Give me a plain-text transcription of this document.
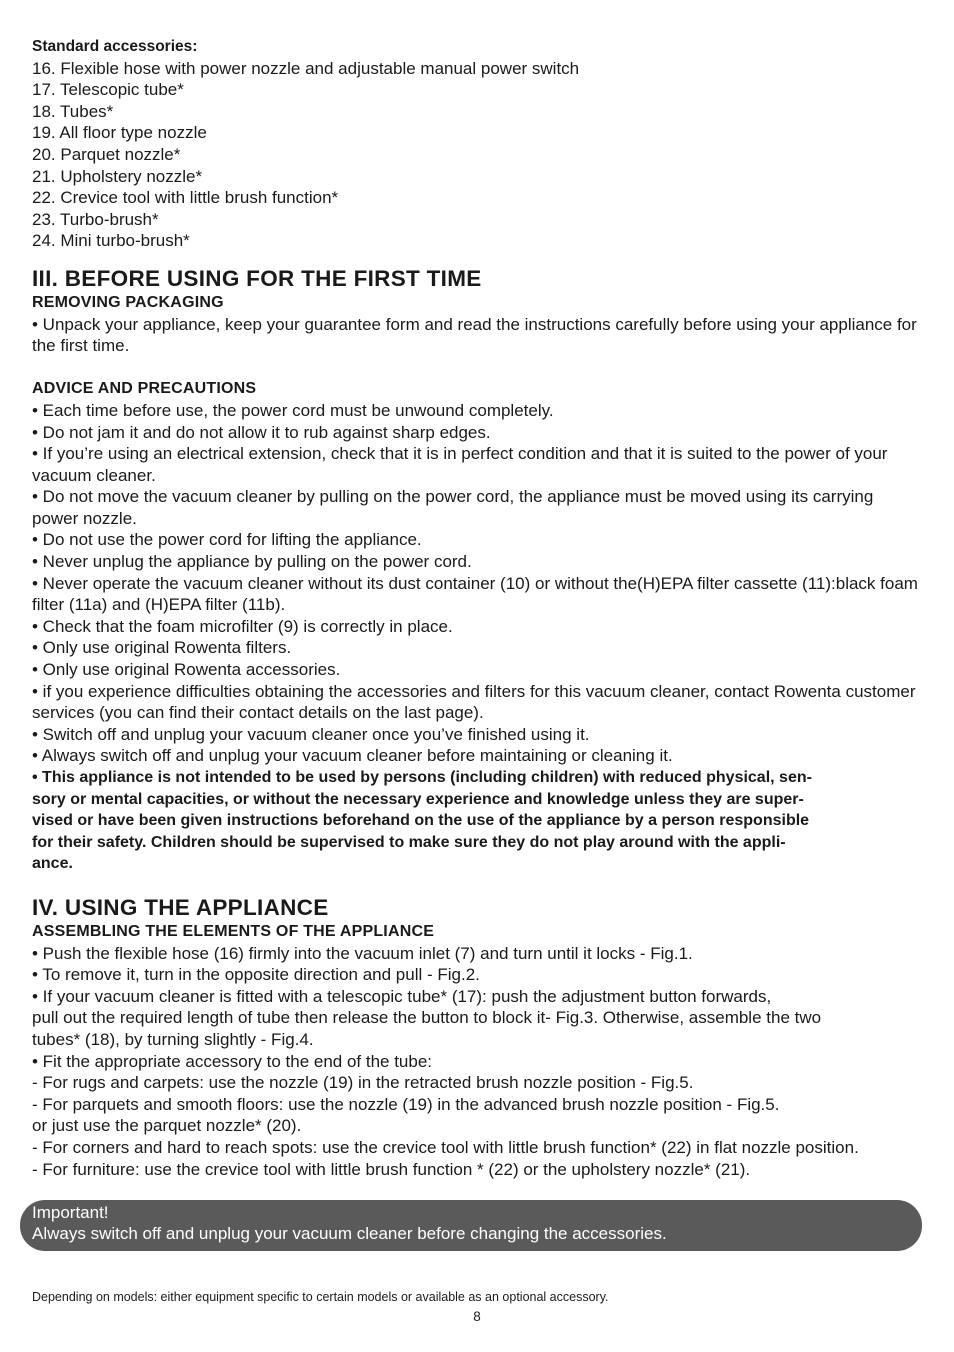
Standard accessories:
16. Flexible hose with power nozzle and adjustable manual power switch
17. Telescopic tube*
18. Tubes*
19. All floor type nozzle
20. Parquet nozzle*
21. Upholstery nozzle*
22. Crevice tool with little brush function*
23. Turbo-brush*
24. Mini turbo-brush*
III. BEFORE USING FOR THE FIRST TIME
REMOVING PACKAGING
• Unpack your appliance, keep your guarantee form and read the instructions carefully before using your appliance for the first time.
ADVICE AND PRECAUTIONS
• Each time before use, the power cord must be unwound completely.
• Do not jam it and do not allow it to rub against sharp edges.
• If you’re using an electrical extension, check that it is in perfect condition and that it is suited to the power of your vacuum cleaner.
• Do not move the vacuum cleaner by pulling on the power cord, the appliance must be moved using its carrying power nozzle.
• Do not use the power cord for lifting the appliance.
• Never unplug the appliance by pulling on the power cord.
• Never operate the vacuum cleaner without its dust container (10) or without the(H)EPA filter cassette (11):black foam filter (11a) and (H)EPA filter (11b).
• Check that the foam microfilter (9) is correctly in place.
• Only use original Rowenta filters.
• Only use original Rowenta accessories.
• if you experience difficulties obtaining the accessories and filters for this vacuum cleaner, contact Rowenta customer services (you can find their contact details on the last page).
• Switch off and unplug your vacuum cleaner once you’ve finished using it.
• Always switch off and unplug your vacuum cleaner before maintaining or cleaning it.
• This appliance is not intended to be used by persons (including children) with reduced physical, sen-
sory or mental capacities, or without the necessary experience and knowledge unless they are super-
vised or have been given instructions beforehand on the use of the appliance by a person responsible
for their safety. Children should be supervised to make sure they do not play around with the appli-
ance.
IV. USING THE APPLIANCE
ASSEMBLING THE ELEMENTS OF THE APPLIANCE
• Push the flexible hose (16) firmly into the vacuum inlet (7) and turn until it locks - Fig.1.
• To remove it, turn in the opposite direction and pull - Fig.2.
• If your vacuum cleaner is fitted with a telescopic tube* (17): push the adjustment button forwards,
pull out the required length of tube then release the button to block it- Fig.3. Otherwise, assemble the two
tubes* (18), by turning slightly - Fig.4.
• Fit the appropriate accessory to the end of the tube:
- For rugs and carpets: use the nozzle (19) in the retracted brush nozzle position - Fig.5.
- For parquets and smooth floors: use the nozzle (19) in the advanced brush nozzle position - Fig.5.
or just use the parquet nozzle* (20).
- For corners and hard to reach spots: use the crevice tool with little brush function* (22) in flat nozzle position.
- For furniture: use the crevice tool with little brush function * (22) or the upholstery nozzle* (21).
Important!
Always switch off and unplug your vacuum cleaner before changing the accessories.
Depending on models: either equipment specific to certain models or available as an optional accessory.
8
